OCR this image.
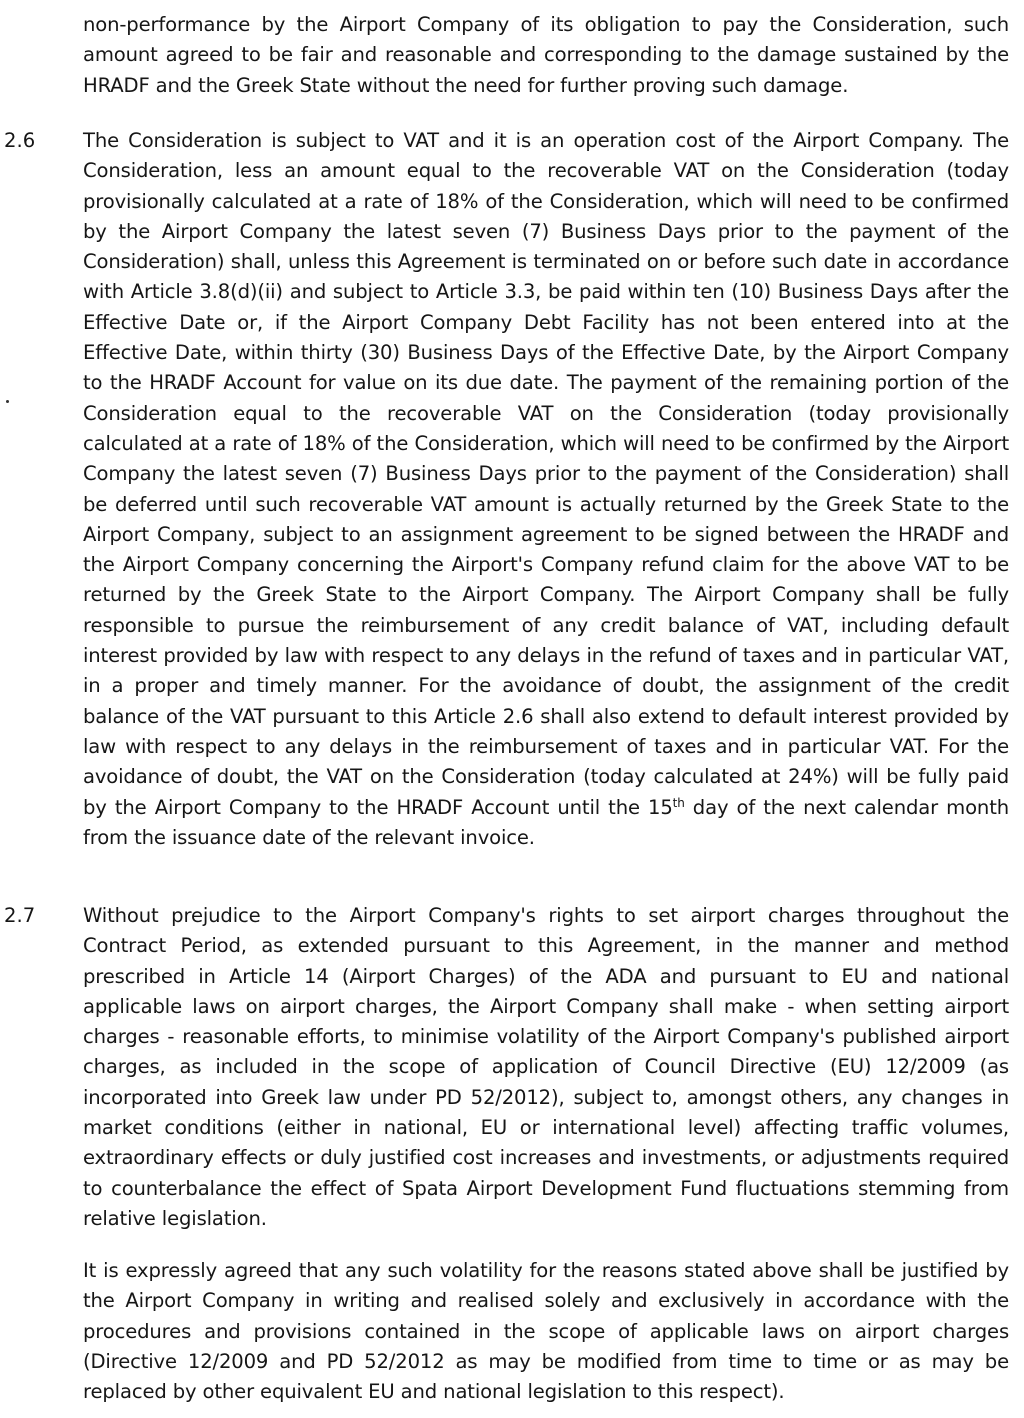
non-performance by the Airport Company of its obligation to pay the Consideration, such amount agreed to be fair and reasonable and corresponding to the damage sustained by the HRADF and the Greek State without the need for further proving such damage.

2.6 The Consideration is subject to VAT and it is an operation cost of the Airport Company. The Consideration, less an amount equal to the recoverable VAT on the Consideration (today provisionally calculated at a rate of 18% of the Consideration, which will need to be confirmed by the Airport Company the latest seven (7) Business Days prior to the payment of the Consideration) shall, unless this Agreement is terminated on or before such date in accordance with Article 3.8(d)(ii) and subject to Article 3.3, be paid within ten (10) Business Days after the Effective Date or, if the Airport Company Debt Facility has not been entered into at the Effective Date, within thirty (30) Business Days of the Effective Date, by the Airport Company to the HRADF Account for value on its due date. The payment of the remaining portion of the Consideration equal to the recoverable VAT on the Consideration (today provisionally calculated at a rate of 18% of the Consideration, which will need to be confirmed by the Airport Company the latest seven (7) Business Days prior to the payment of the Consideration) shall be deferred until such recoverable VAT amount is actually returned by the Greek State to the Airport Company, subject to an assignment agreement to be signed between the HRADF and the Airport Company concerning the Airport's Company refund claim for the above VAT to be returned by the Greek State to the Airport Company. The Airport Company shall be fully responsible to pursue the reimbursement of any credit balance of VAT, including default interest provided by law with respect to any delays in the refund of taxes and in particular VAT, in a proper and timely manner. For the avoidance of doubt, the assignment of the credit balance of the VAT pursuant to this Article 2.6 shall also extend to default interest provided by law with respect to any delays in the reimbursement of taxes and in particular VAT. For the avoidance of doubt, the VAT on the Consideration (today calculated at 24%) will be fully paid by the Airport Company to the HRADF Account until the 15th day of the next calendar month from the issuance date of the relevant invoice.

2.7 Without prejudice to the Airport Company's rights to set airport charges throughout the Contract Period, as extended pursuant to this Agreement, in the manner and method prescribed in Article 14 (Airport Charges) of the ADA and pursuant to EU and national applicable laws on airport charges, the Airport Company shall make - when setting airport charges - reasonable efforts, to minimise volatility of the Airport Company's published airport charges, as included in the scope of application of Council Directive (EU) 12/2009 (as incorporated into Greek law under PD 52/2012), subject to, amongst others, any changes in market conditions (either in national, EU or international level) affecting traffic volumes, extraordinary effects or duly justified cost increases and investments, or adjustments required to counterbalance the effect of Spata Airport Development Fund fluctuations stemming from relative legislation.

It is expressly agreed that any such volatility for the reasons stated above shall be justified by the Airport Company in writing and realised solely and exclusively in accordance with the procedures and provisions contained in the scope of applicable laws on airport charges (Directive 12/2009 and PD 52/2012 as may be modified from time to time or as may be replaced by other equivalent EU and national legislation to this respect).
